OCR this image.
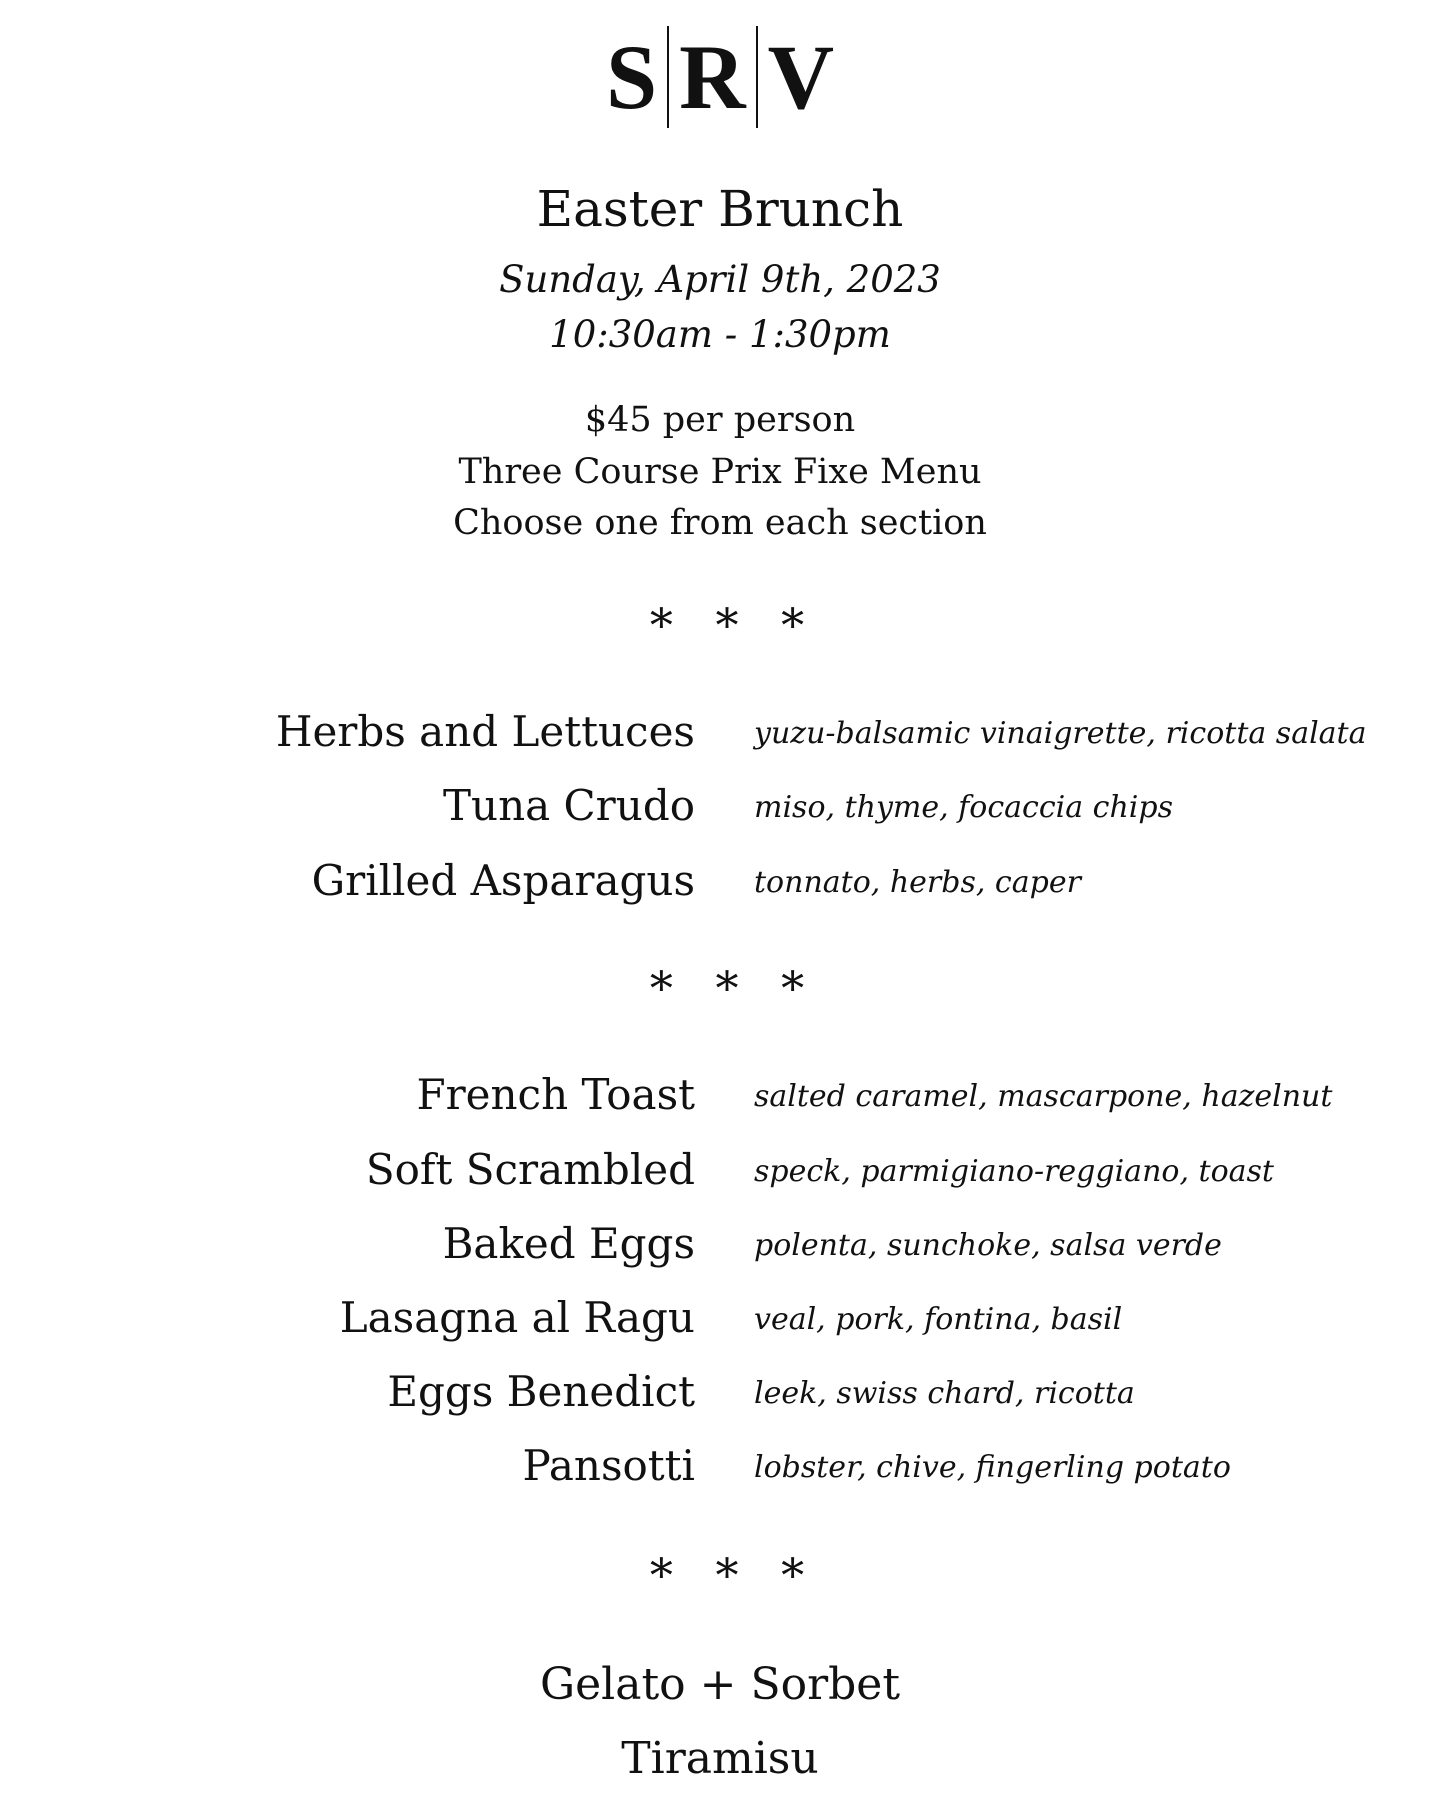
S R V
Easter Brunch
Sunday, April 9th, 2023
10:30am - 1:30pm
$45 per person
Three Course Prix Fixe Menu
Choose one from each section
* * *
Herbs and Lettuces yuzu-balsamic vinaigrette, ricotta salata
Tuna Crudo miso, thyme, focaccia chips
Grilled Asparagus tonnato, herbs, caper
* * *
French Toast salted caramel, mascarpone, hazelnut
Soft Scrambled speck, parmigiano-reggiano, toast
Baked Eggs polenta, sunchoke, salsa verde
Lasagna al Ragu veal, pork, fontina, basil
Eggs Benedict leek, swiss chard, ricotta
Pansotti lobster, chive, fingerling potato
* * *
Gelato + Sorbet
Tiramisu
